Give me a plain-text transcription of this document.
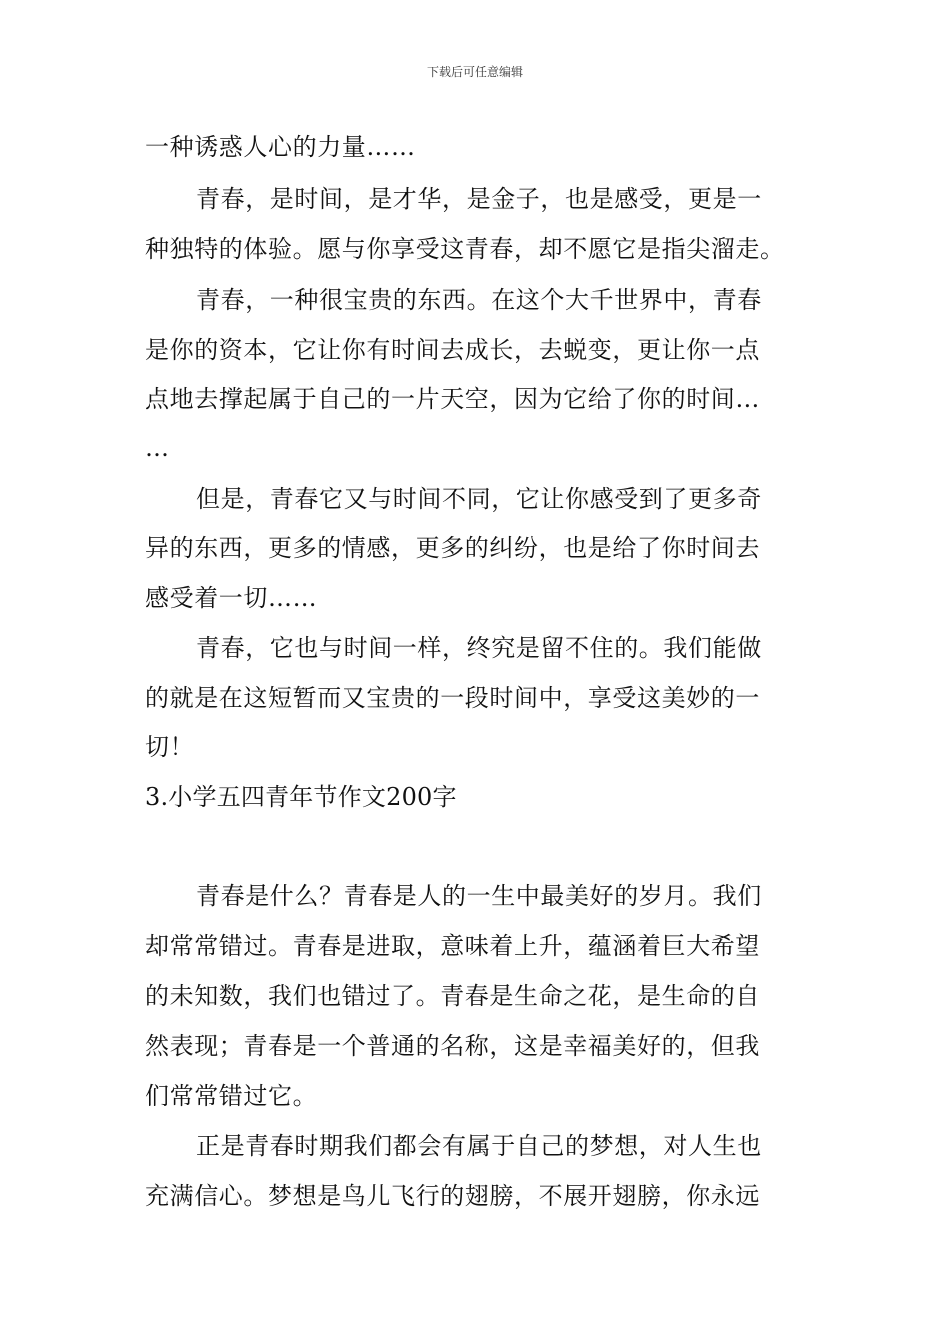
下载后可任意编辑
一种诱惑人心的力量……
青春，是时间，是才华，是金子，也是感受，更是一
种独特的体验。愿与你享受这青春，却不愿它是指尖溜走。
青春，一种很宝贵的东西。在这个大千世界中，青春
是你的资本，它让你有时间去成长，去蜕变，更让你一点
点地去撑起属于自己的一片天空，因为它给了你的时间…
…
但是，青春它又与时间不同，它让你感受到了更多奇
异的东西，更多的情感，更多的纠纷，也是给了你时间去
感受着一切……
青春，它也与时间一样，终究是留不住的。我们能做
的就是在这短暂而又宝贵的一段时间中，享受这美妙的一
切！
3.小学五四青年节作文200字
青春是什么？青春是人的一生中最美好的岁月。我们
却常常错过。青春是进取，意味着上升，蕴涵着巨大希望
的未知数，我们也错过了。青春是生命之花，是生命的自
然表现；青春是一个普通的名称，这是幸福美好的，但我
们常常错过它。
正是青春时期我们都会有属于自己的梦想，对人生也
充满信心。梦想是鸟儿飞行的翅膀，不展开翅膀，你永远
